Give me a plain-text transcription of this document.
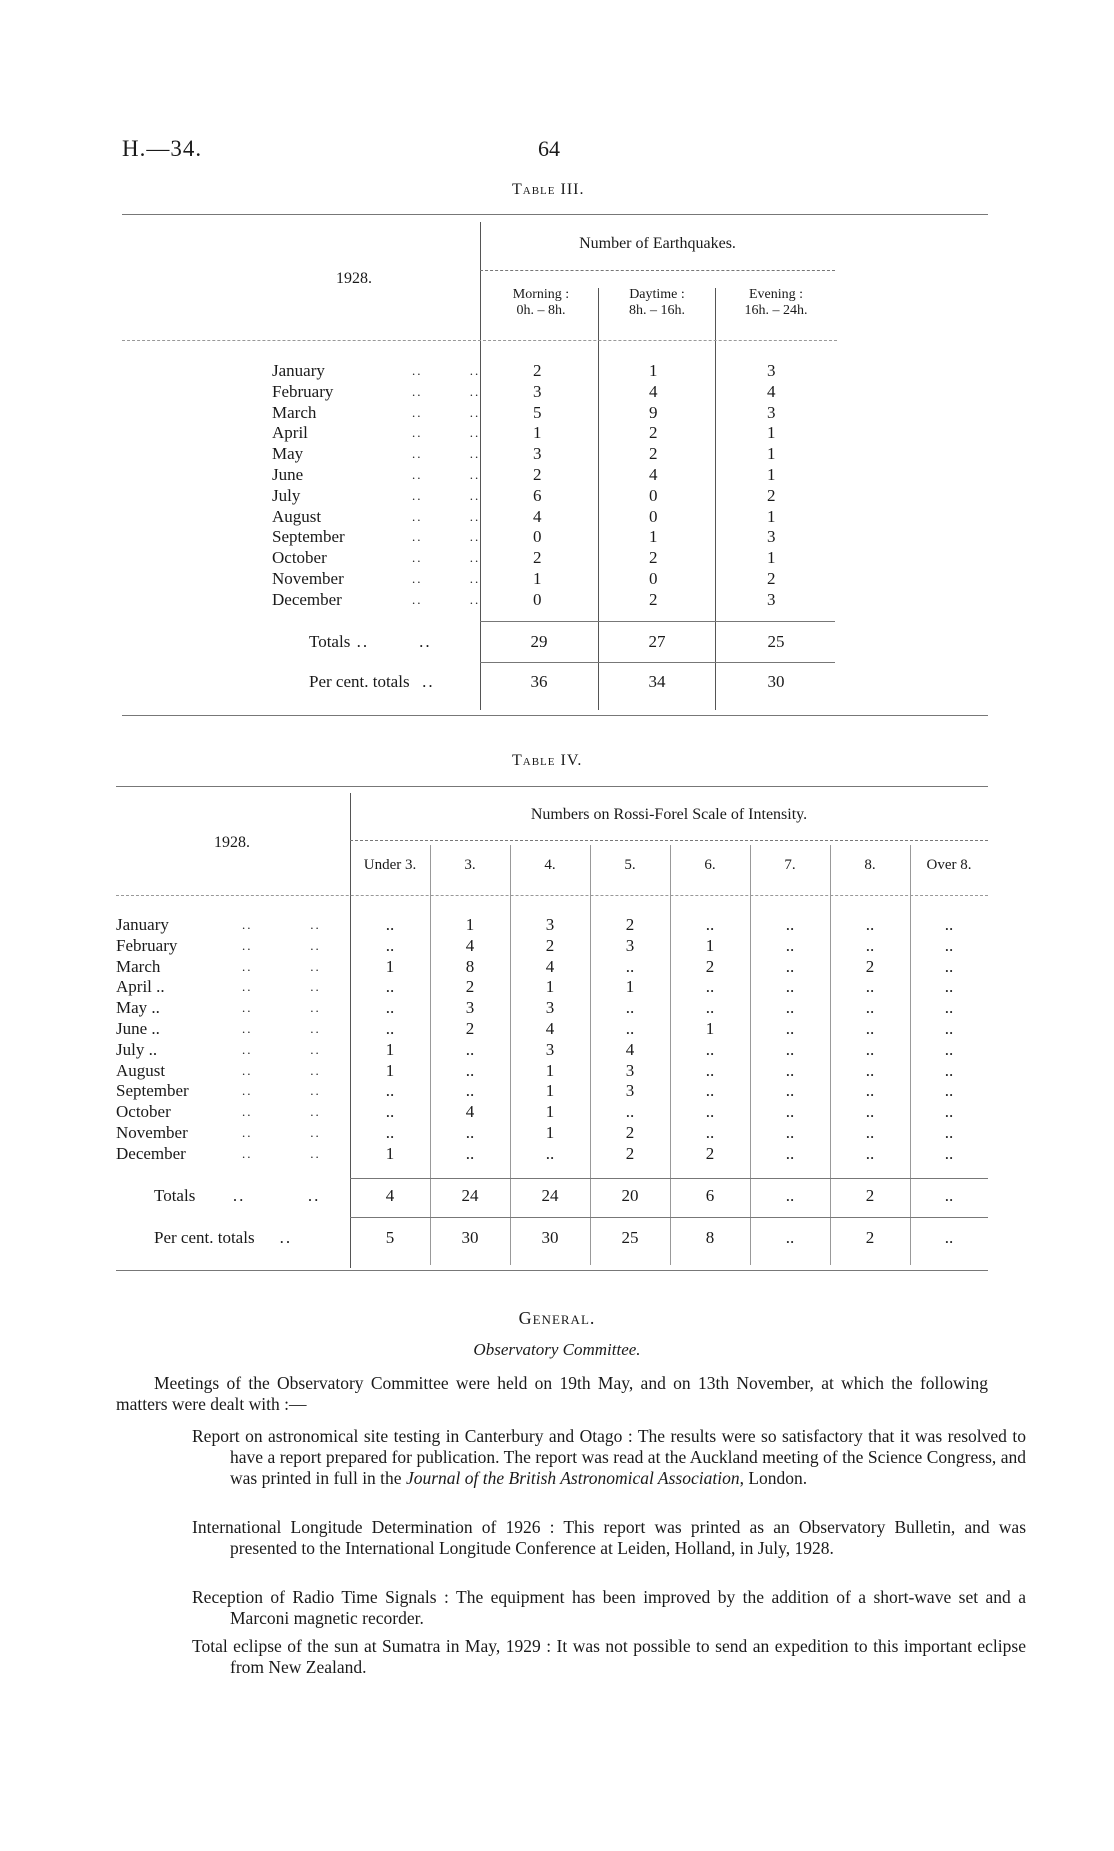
H.—34.	64
Table III.
1928.
Number of Earthquakes.
Morning :
0h. – 8h.
Daytime :
8h. – 16h.
Evening :
16h. – 24h.
January	..         ..	2	1	3
February	..         ..	3	4	4
March	..         ..	5	9	3
April	..         ..	1	2	1
May	..         ..	3	2	1
June	..         ..	2	4	1
July	..         ..	6	0	2
August	..         ..	4	0	1
September	..         ..	0	1	3
October	..         ..	2	2	1
November	..         ..	1	0	2
December	..         ..	0	2	3
Totals ..        ..	29	27	25
Per cent. totals  ..	36	34	30
Table IV.
1928.
Numbers on Rossi-Forel Scale of Intensity.
Under 3.	3.	4.	5.	6.	7.	8.	Over 8.
January	..           ..	..	1	3	2	..	..	..	..
February	..           ..	..	4	2	3	1	..	..	..
March	..           ..	1	8	4	..	2	..	2	..
April ..	..           ..	..	2	1	1	..	..	..	..
May ..	..           ..	..	3	3	..	..	..	..	..
June ..	..           ..	..	2	4	..	1	..	..	..
July ..	..           ..	1	..	3	4	..	..	..	..
August	..           ..	1	..	1	3	..	..	..	..
September	..           ..	..	..	1	3	..	..	..	..
October	..           ..	..	4	1	..	..	..	..	..
November	..           ..	..	..	1	2	..	..	..	..
December	..           ..	1	..	..	2	2	..	..	..
Totals      ..          ..	4	24	24	20	6	..	2	..
Per cent. totals    ..	5	30	30	25	8	..	2	..
General.
Observatory Committee.
Meetings of the Observatory Committee were held on 19th May, and on 13th November, at which the following matters were dealt with :—
Report on astronomical site testing in Canterbury and Otago : The results were so satisfactory that it was resolved to have a report prepared for publication. The report was read at the Auckland meeting of the Science Congress, and was printed in full in the Journal of the British Astronomical Association, London.
International Longitude Determination of 1926 : This report was printed as an Observatory Bulletin, and was presented to the International Longitude Conference at Leiden, Holland, in July, 1928.
Reception of Radio Time Signals : The equipment has been improved by the addition of a short-wave set and a Marconi magnetic recorder.
Total eclipse of the sun at Sumatra in May, 1929 : It was not possible to send an expedition to this important eclipse from New Zealand.
